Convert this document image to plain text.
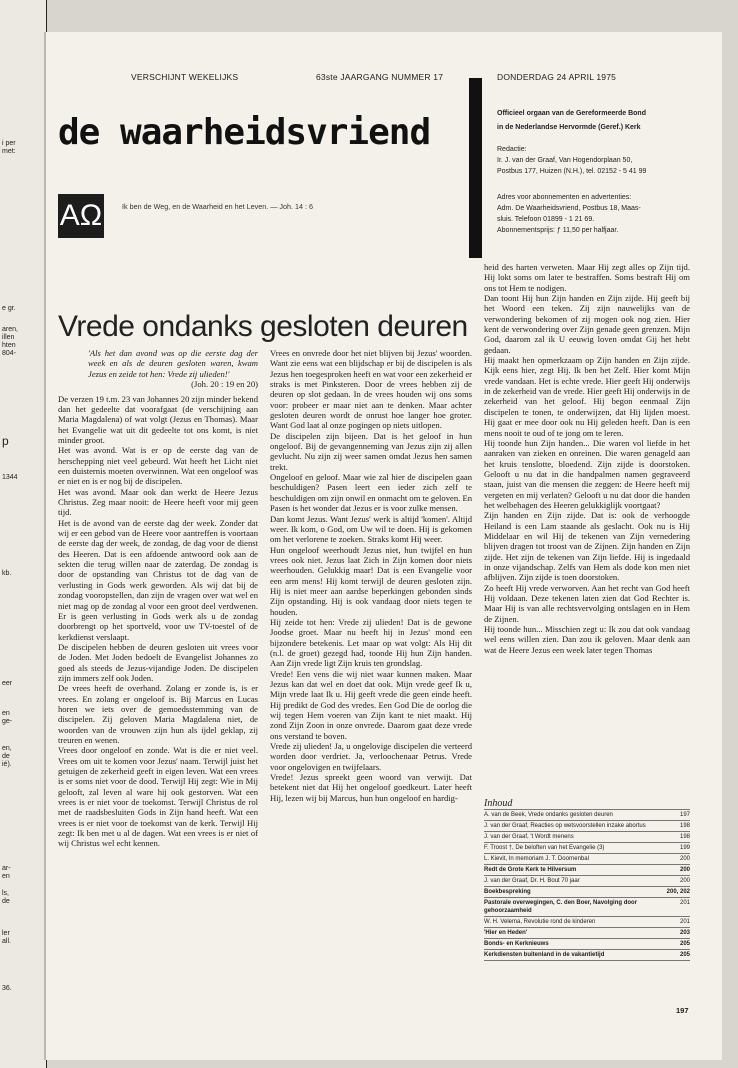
i per
met:
e gr.
aren,
illen
hten
804-
p
1344
kb.
eer
en
ge-
en,
de
ié).
ar-
en
ls,
de
ler
all.
36.
VERSCHIJNT WEKELIJKS	63ste JAARGANG NUMMER 17	DONDERDAG 24 APRIL 1975
de waarheidsvriend	Officieel orgaan van de Gereformeerde Bond
in de Nederlandse Hervormde (Geref.) Kerk
Redactie:
Ir. J. van der Graaf, Van Hogendorplaan 50,
Postbus 177, Huizen (N.H.), tel. 02152 - 5 41 99
Adres voor abonnementen en advertenties:
Adm. De Waarheidsvriend, Postbus 18, Maas-
sluis. Telefoon 01899 - 1 21 69.
Abonnementsprijs: ƒ 11,50 per halfjaar.
AΩ	Ik ben de Weg, en de Waarheid en het Leven. — Joh. 14 : 6
Vrede ondanks gesloten deuren
'Als het dan avond was op die eerste dag der week en als de deuren gesloten waren, kwam Jezus en zeide tot hen: Vrede zij ulieden!'
(Joh. 20 : 19 en 20)

De verzen 19 t.m. 23 van Johannes 20 zijn minder bekend dan het gedeelte dat voorafgaat (de verschijning aan Maria Magdalena) of wat volgt (Jezus en Thomas). Maar het Evangelie wat uit dit gedeelte tot ons komt, is niet minder groot.

Het was avond. Wat is er op de eerste dag van de herschepping niet veel gebeurd. Wat heeft het Licht niet een duisternis moeten overwinnen. Wat een ongeloof was er niet en is er nog bij de discipelen.

Het was avond. Maar ook dan werkt de Heere Jezus Christus. Zeg maar nooit: de Heere heeft voor mij geen tijd.

Het is de avond van de eerste dag der week. Zonder dat wij er een gebod van de Heere voor aantreffen is voortaan de eerste dag der week, de zondag, de dag voor de dienst des Heeren. Dat is een afdoende antwoord ook aan de sekten die terug willen naar de zaterdag. De zondag is door de opstanding van Christus tot de dag van de verlusting in Gods werk geworden. Als wij dat bij de zondag vooropstellen, dan zijn de vragen over wat wel en niet mag op de zondag al voor een groot deel verdwenen. Er is geen verlusting in Gods werk als u de zondag doorbrengt op het sportveld, voor uw TV-toestel of de kerkdienst verslaapt.

De discipelen hebben de deuren gesloten uit vrees voor de Joden. Met Joden bedoelt de Evangelist Johannes zo goed als steeds de Jezus-vijandige Joden. De discipelen zijn immers zelf ook Joden.

De vrees heeft de overhand. Zolang er zonde is, is er vrees. En zolang er ongeloof is. Bij Marcus en Lucas horen we iets over de gemoedsstemming van de discipelen. Zij geloven Maria Magdalena niet, de woorden van de vrouwen zijn hun als ijdel geklap, zij treuren en wenen.

Vrees door ongeloof en zonde. Wat is die er niet veel. Vrees om uit te komen voor Jezus' naam. Terwijl juist het getuigen de zekerheid geeft in eigen leven. Wat een vrees is er soms niet voor de dood. Terwijl Hij zegt: Wie in Mij gelooft, zal leven al ware hij ook gestorven. Wat een vrees is er niet voor de toekomst. Terwijl Christus de rol met de raadsbesluiten Gods in Zijn hand heeft. Wat een vrees is er niet voor de toekomst van de kerk. Terwijl Hij zegt: Ik ben met u al de dagen. Wat een vrees is er niet of wij Christus wel echt kennen.

Vrees en onvrede door het niet blijven bij Jezus' woorden. Want zie eens wat een blijdschap er bij de discipelen is als Jezus hen toegesproken heeft en wat voor een zekerheid er straks is met Pinksteren. Door de vrees hebben zij de deuren op slot gedaan. In de vrees houden wij ons soms voor: probeer er maar niet aan te denken. Maar achter gesloten deuren wordt de onrust hoe langer hoe groter. Want God laat al onze pogingen op niets uitlopen.

De discipelen zijn bijeen. Dat is het geloof in hun ongeloof. Bij de gevangenneming van Jezus zijn zij allen gevlucht. Nu zijn zij weer samen omdat Jezus hen samen trekt.

Ongeloof en geloof. Maar wie zal hier de discipelen gaan beschuldigen? Pasen leert een ieder zich zelf te beschuldigen om zijn onwil en onmacht om te geloven. En Pasen is het wonder dat Jezus er is voor zulke mensen.

Dan komt Jezus. Want Jezus' werk is altijd 'komen'. Altijd weer. Ik kom, o God, om Uw wil te doen. Hij is gekomen om het verlorene te zoeken. Straks komt Hij weer.

Hun ongeloof weerhoudt Jezus niet, hun twijfel en hun vrees ook niet. Jezus laat Zich in Zijn komen door niets weerhouden. Gelukkig maar! Dat is een Evangelie voor een arm mens! Hij komt terwijl de deuren gesloten zijn. Hij is niet meer aan aardse beperkingen gebonden sinds Zijn opstanding. Hij is ook vandaag door niets tegen te houden.

Hij zeide tot hen: Vrede zij ulieden! Dat is de gewone Joodse groet. Maar nu heeft hij in Jezus' mond een bijzondere betekenis. Let maar op wat volgt: Als Hij dit (n.l. de groet) gezegd had, toonde Hij hun Zijn handen. Aan Zijn vrede ligt Zijn kruis ten grondslag.

Vrede! Een vens die wij niet waar kunnen maken. Maar Jezus kan dat wel en doet dat ook. Mijn vrede geef Ik u, Mijn vrede laat Ik u. Hij geeft vrede die geen einde heeft. Hij predikt de God des vredes. Een God Die de oorlog die wij tegen Hem voeren van Zijn kant te niet maakt. Hij zond Zijn Zoon in onze onvrede. Daarom gaat deze vrede ons verstand te boven.

Vrede zij ulieden! Ja, u ongelovige discipelen die verteerd worden door verdriet. Ja, verloochenaar Petrus. Vrede voor ongelovigen en twijfelaars.

Vrede! Jezus spreekt geen woord van verwijt. Dat betekent niet dat Hij het ongeloof goedkeurt. Later heeft Hij, lezen wij bij Marcus, hun hun ongeloof en hardig-

heid des harten verweten. Maar Hij zegt alles op Zijn tijd. Hij lokt soms om later te bestraffen. Soms bestraft Hij om ons tot Hem te nodigen.

Dan toont Hij hun Zijn handen en Zijn zijde. Hij geeft bij het Woord een teken. Zij zijn nauwelijks van de verwondering bekomen of zij mogen ook nog zien. Hier kent de verwondering over Zijn genade geen grenzen. Mijn God, daarom zal ik U eeuwig loven omdat Gij het hebt gedaan.

Hij maakt hen opmerkzaam op Zijn handen en Zijn zijde. Kijk eens hier, zegt Hij. Ik ben het Zelf. Hier komt Mijn vrede vandaan. Het is echte vrede. Hier geeft Hij onderwijs in de zekerheid van de vrede. Hier geeft Hij onderwijs in de zekerheid van het geloof. Hij begon eenmaal Zijn discipelen te tonen, te onderwijzen, dat Hij lijden moest. Hij gaat er mee door ook nu Hij geleden heeft. Dan is een mens nooit te oud of te jong om te leren.

Hij toonde hun Zijn handen... Die waren vol liefde in het aanraken van zieken en onreinen. Die waren genageld aan het kruis tenslotte, bloedend. Zijn zijde is doorstoken. Gelooft u nu dat in die handpalmen namen gegraveerd staan, juist van die mensen die zeggen: de Heere heeft mij vergeten en mij verlaten? Gelooft u nu dat door die handen het welbehagen des Heeren gelukkiglijk voortgaat?

Zijn handen en Zijn zijde. Dat is: ook de verhoogde Heiland is een Lam staande als geslacht. Ook nu is Hij Middelaar en wil Hij de tekenen van Zijn vernedering blijven dragen tot troost van de Zijnen. Zijn handen en Zijn zijde. Het zijn de tekenen van Zijn liefde. Hij is ingedaald in onze vijandschap. Zelfs van Hem als dode kon men niet afblijven. Zijn zijde is toen doorstoken.

Zo heeft Hij vrede verworven. Aan het recht van God heeft Hij voldaan. Deze tekenen laten zien dat God Rechter is. Maar Hij is van alle rechtsvervolging ontslagen en in Hem de Zijnen.

Hij toonde hun... Misschien zegt u: Ik zou dat ook vandaag wel eens willen zien. Dan zou ik geloven. Maar denk aan wat de Heere Jezus een week later tegen Thomas

Inhoud
A. van de Beek, Vrede ondanks gesloten deuren	197
J. van der Graaf, Reacties op wetsvoorstellen inzake abortus	198
J. van der Graaf, 't Wordt menens	198
F. Troost †, De beloften van het Evangelie (3)	199
L. Kievit, In memoriam J. T. Doornenbal	200
Redt de Grote Kerk te Hilversum	200
J. van der Graaf, Dr. H. Bout 70 jaar	200
Boekbespreking	200, 202
Pastorale overwegingen, C. den Boer, Navolging door gehoorzaamheid
201
W. H. Velema, Revolutie rond de kinderen	201
'Hier en Heden'	203
Bonds- en Kerknieuws	205
Kerkdiensten buitenland in de vakantietijd	205
197
